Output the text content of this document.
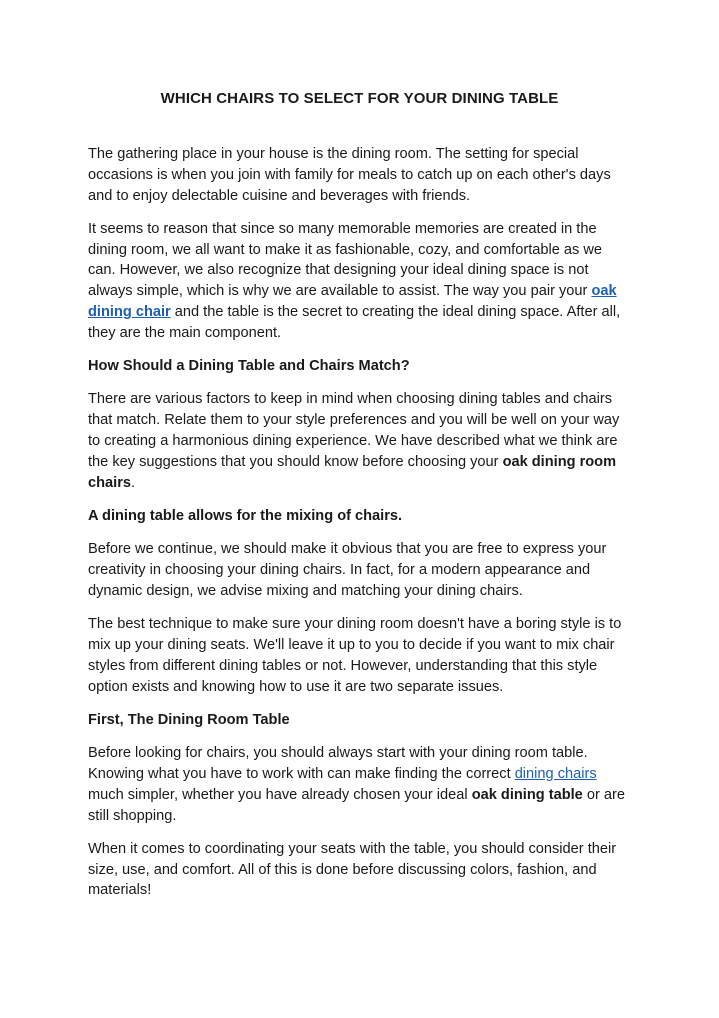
WHICH CHAIRS TO SELECT FOR YOUR DINING TABLE

The gathering place in your house is the dining room. The setting for special occasions is when you join with family for meals to catch up on each other's days and to enjoy delectable cuisine and beverages with friends.

It seems to reason that since so many memorable memories are created in the dining room, we all want to make it as fashionable, cozy, and comfortable as we can. However, we also recognize that designing your ideal dining space is not always simple, which is why we are available to assist. The way you pair your oak dining chair and the table is the secret to creating the ideal dining space. After all, they are the main component.

How Should a Dining Table and Chairs Match?

There are various factors to keep in mind when choosing dining tables and chairs that match. Relate them to your style preferences and you will be well on your way to creating a harmonious dining experience. We have described what we think are the key suggestions that you should know before choosing your oak dining room chairs.

A dining table allows for the mixing of chairs.

Before we continue, we should make it obvious that you are free to express your creativity in choosing your dining chairs. In fact, for a modern appearance and dynamic design, we advise mixing and matching your dining chairs.

The best technique to make sure your dining room doesn't have a boring style is to mix up your dining seats. We'll leave it up to you to decide if you want to mix chair styles from different dining tables or not. However, understanding that this style option exists and knowing how to use it are two separate issues.

First, The Dining Room Table

Before looking for chairs, you should always start with your dining room table. Knowing what you have to work with can make finding the correct dining chairs much simpler, whether you have already chosen your ideal oak dining table or are still shopping.

When it comes to coordinating your seats with the table, you should consider their size, use, and comfort. All of this is done before discussing colors, fashion, and materials!
